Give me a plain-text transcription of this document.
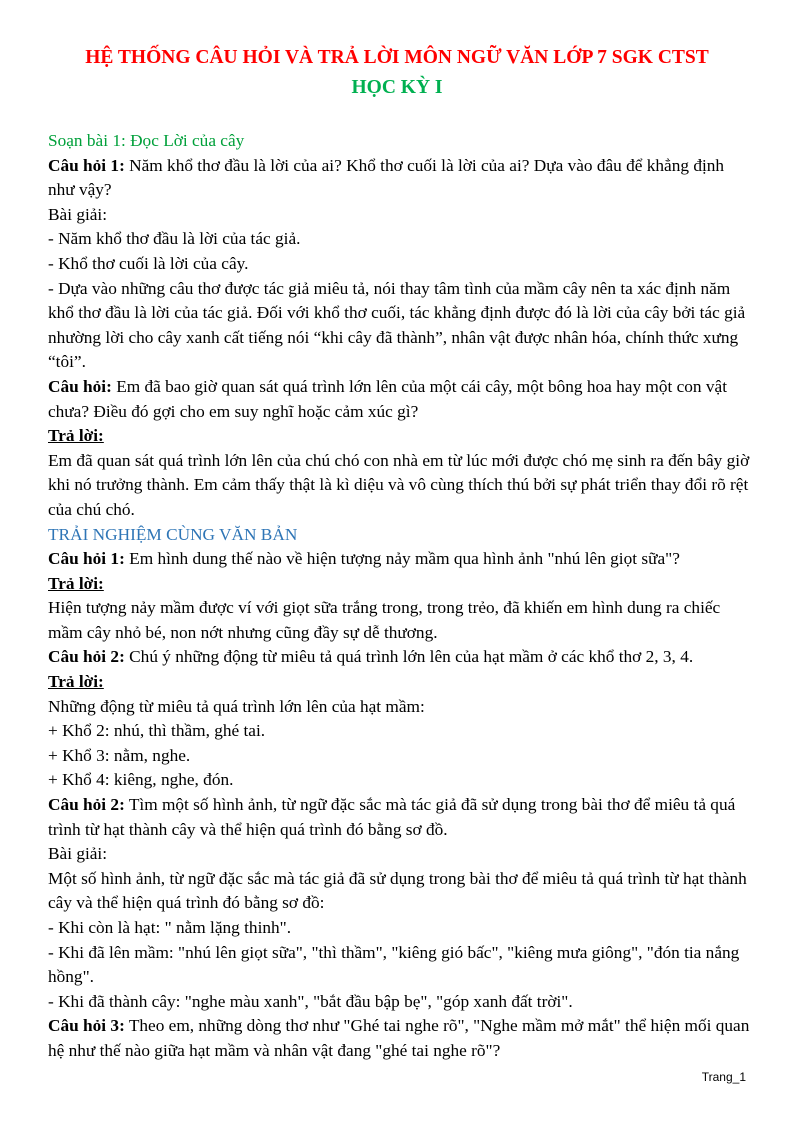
HỆ THỐNG CÂU HỎI VÀ TRẢ LỜI MÔN NGỮ VĂN LỚP 7 SGK CTST
HỌC KỲ I

Soạn bài 1: Đọc Lời của cây

Câu hỏi 1: Năm khổ thơ đầu là lời của ai? Khổ thơ cuối là lời của ai? Dựa vào đâu để khẳng định như vậy?

Bài giải:

- Năm khổ thơ đầu là lời của tác giả.

- Khổ thơ cuối là lời của cây.

- Dựa vào những câu thơ được tác giả miêu tả, nói thay tâm tình của mầm cây nên ta xác định năm khổ thơ đầu là lời của tác giả. Đối với khổ thơ cuối, tác khẳng định được đó là lời của cây bởi tác giả nhường lời cho cây xanh cất tiếng nói “khi cây đã thành”, nhân vật được nhân hóa, chính thức xưng “tôi”.

Câu hỏi: Em đã bao giờ quan sát quá trình lớn lên của một cái cây, một bông hoa hay một con vật chưa? Điều đó gợi cho em suy nghĩ hoặc cảm xúc gì?

Trả lời:

Em đã quan sát quá trình lớn lên của chú chó con nhà em từ lúc mới được chó mẹ sinh ra đến bây giờ khi nó trưởng thành. Em cảm thấy thật là kì diệu và vô cùng thích thú bởi sự phát triển thay đổi rõ rệt của chú chó.

TRẢI NGHIỆM CÙNG VĂN BẢN

Câu hỏi 1: Em hình dung thế nào về hiện tượng nảy mầm qua hình ảnh "nhú lên giọt sữa"?

Trả lời:

Hiện tượng nảy mầm được ví với giọt sữa trắng trong, trong trẻo, đã khiến em hình dung ra chiếc mầm cây nhỏ bé, non nớt nhưng cũng đầy sự dễ thương.

Câu hỏi 2: Chú ý những động từ miêu tả quá trình lớn lên của hạt mầm ở các khổ thơ 2, 3, 4.

Trả lời:

Những động từ miêu tả quá trình lớn lên của hạt mầm:

+ Khổ 2: nhú, thì thầm, ghé tai.

+ Khổ 3: nằm, nghe.

+ Khổ 4: kiêng, nghe, đón.

Câu hỏi 2: Tìm một số hình ảnh, từ ngữ đặc sắc mà tác giả đã sử dụng trong bài thơ để miêu tả quá trình từ hạt thành cây và thể hiện quá trình đó bằng sơ đồ.

Bài giải:

Một số hình ảnh, từ ngữ đặc sắc mà tác giả đã sử dụng trong bài thơ để miêu tả quá trình từ hạt thành cây và thể hiện quá trình đó bằng sơ đồ:

- Khi còn là hạt: " nằm lặng thinh".

- Khi đã lên mầm: "nhú lên giọt sữa", "thì thầm", "kiêng gió bấc", "kiêng mưa giông", "đón tia nắng hồng".

- Khi đã thành cây: "nghe màu xanh", "bắt đầu bập bẹ", "góp xanh đất trời".

Câu hỏi 3: Theo em, những dòng thơ như "Ghé tai nghe rõ", "Nghe mầm mở mắt" thể hiện mối quan hệ như thế nào giữa hạt mầm và nhân vật đang "ghé tai nghe rõ"?

Trang_1
